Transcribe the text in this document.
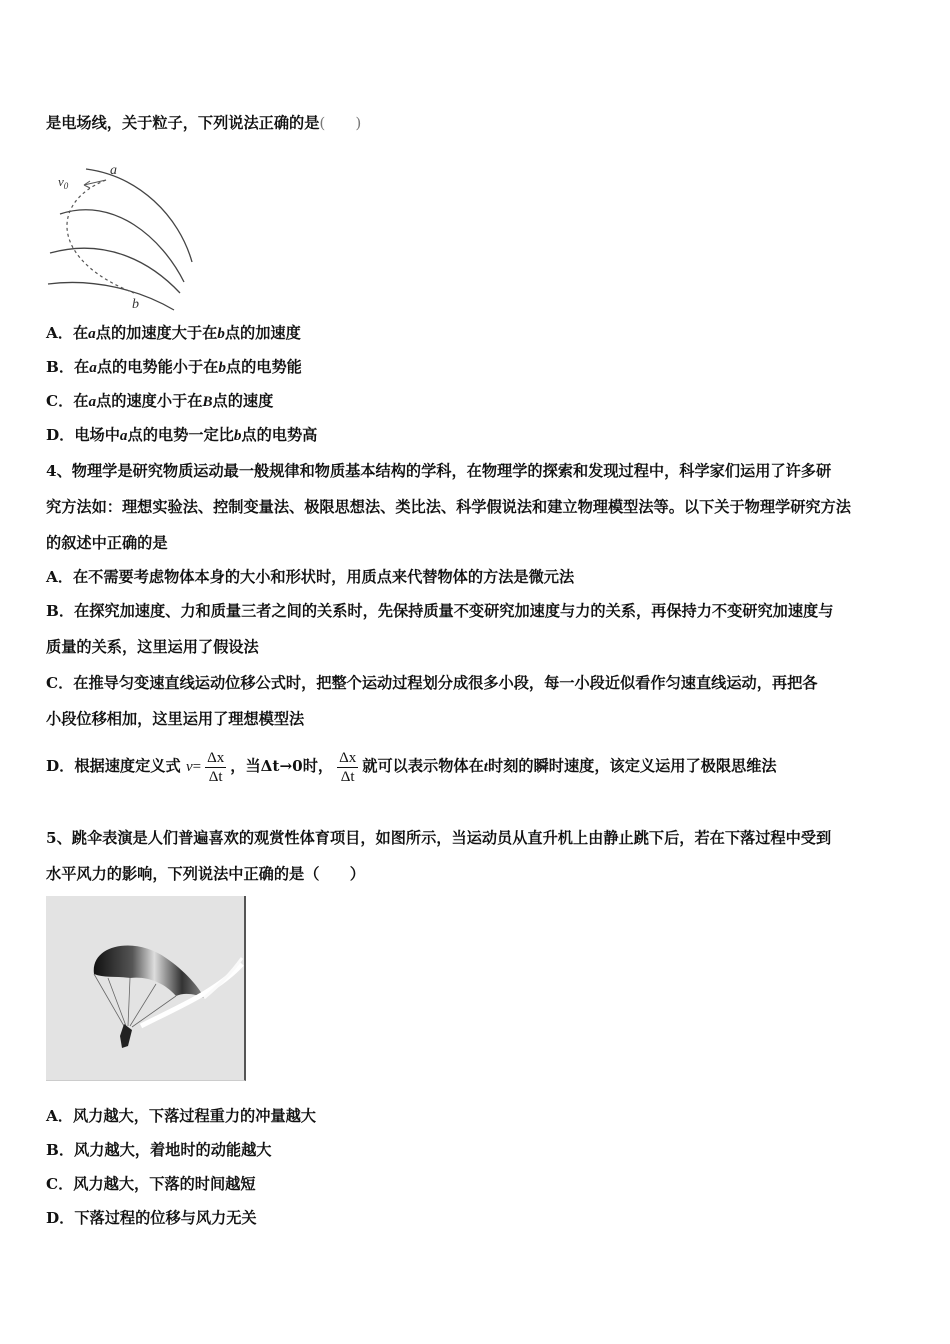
是电场线，关于粒子，下列说法正确的是( )
$v_0$
a
b
A．在a点的加速度大于在b点的加速度
B．在a点的电势能小于在b点的电势能
C．在a点的速度小于在B点的速度
D．电场中a点的电势一定比b点的电势高
4、物理学是研究物质运动最一般规律和物质基本结构的学科，在物理学的探索和发现过程中，科学家们运用了许多研
究方法如：理想实验法、控制变量法、极限思想法、类比法、科学假说法和建立物理模型法等。以下关于物理学研究方法
的叙述中正确的是
A．在不需要考虑物体本身的大小和形状时，用质点来代替物体的方法是微元法
B．在探究加速度、力和质量三者之间的关系时，先保持质量不变研究加速度与力的关系，再保持力不变研究加速度与
质量的关系，这里运用了假设法
C．在推导匀变速直线运动位移公式时，把整个运动过程划分成很多小段，每一小段近似看作匀速直线运动，再把各
小段位移相加，这里运用了理想模型法
D．根据速度定义式 $v= \frac{\Delta x}{\Delta t}$ ，当Δt→0时， $\frac{\Delta x}{\Delta t}$ 就可以表示物体在t时刻的瞬时速度，该定义运用了极限思维法
5、跳伞表演是人们普遍喜欢的观赏性体育项目，如图所示，当运动员从直升机上由静止跳下后，若在下落过程中受到
水平风力的影响，下列说法中正确的是（　　）
A．风力越大，下落过程重力的冲量越大
B．风力越大，着地时的动能越大
C．风力越大，下落的时间越短
D．下落过程的位移与风力无关
